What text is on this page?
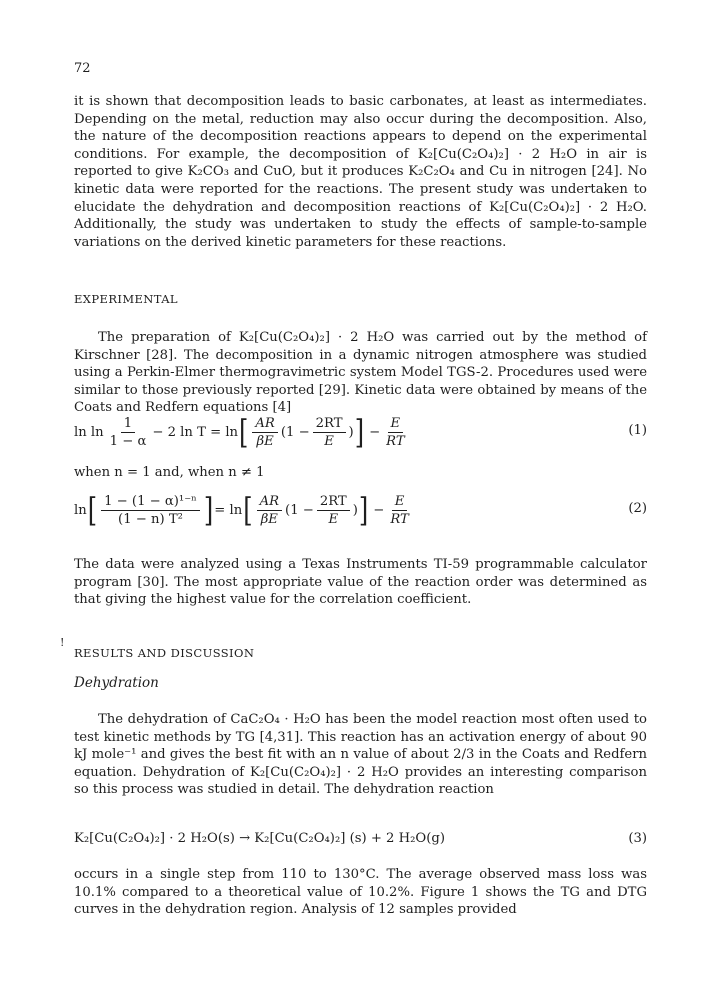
72

it is shown that decomposition leads to basic carbonates, at least as intermediates. Depending on the metal, reduction may also occur during the decomposition. Also, the nature of the decomposition reactions appears to depend on the experimental conditions. For example, the decomposition of K₂[Cu(C₂O₄)₂] · 2 H₂O in air is reported to give K₂CO₃ and CuO, but it produces K₂C₂O₄ and Cu in nitrogen [24]. No kinetic data were reported for the reactions. The present study was undertaken to elucidate the dehydration and decomposition reactions of K₂[Cu(C₂O₄)₂] · 2 H₂O. Additionally, the study was undertaken to study the effects of sample-to-sample variations on the derived kinetic parameters for these reactions.

EXPERIMENTAL

The preparation of K₂[Cu(C₂O₄)₂] · 2 H₂O was carried out by the method of Kirschner [28]. The decomposition in a dynamic nitrogen atmosphere was studied using a Perkin-Elmer thermogravimetric system Model TGS-2. Procedures used were similar to those previously reported [29]. Kinetic data were obtained by means of the Coats and Redfern equations [4]

$\ln \ln \frac{1}{1 - \alpha} - 2$ ln T = ln [ $\frac{AR}{\beta E} (1 - \frac{2RT}{E}$ ) ] − $\frac{E}{RT}$	(1)
when n = 1 and, when n ≠ 1
ln [ $\frac{\text{1 − (1 − α)¹⁻ⁿ}}{\text{(1 − n) T²}}$ ] = ln [ $\frac{AR}{\beta E} (1 - \frac{2RT}{E}$ ) ] − $\frac{E}{RT}$	(2)

The data were analyzed using a Texas Instruments TI-59 programmable calculator program [30]. The most appropriate value of the reaction order was determined as that giving the highest value for the correlation coefficient.

!
RESULTS AND DISCUSSION
Dehydration

The dehydration of CaC₂O₄ · H₂O has been the model reaction most often used to test kinetic methods by TG [4,31]. This reaction has an activation energy of about 90 kJ mole⁻¹ and gives the best fit with an n value of about 2/3 in the Coats and Redfern equation. Dehydration of K₂[Cu(C₂O₄)₂] · 2 H₂O provides an interesting comparison so this process was studied in detail. The dehydration reaction

K₂[Cu(C₂O₄)₂] · 2 H₂O(s) → K₂[Cu(C₂O₄)₂] (s) + 2 H₂O(g)	(3)

occurs in a single step from 110 to 130°C. The average observed mass loss was 10.1% compared to a theoretical value of 10.2%. Figure 1 shows the TG and DTG curves in the dehydration region. Analysis of 12 samples provided
